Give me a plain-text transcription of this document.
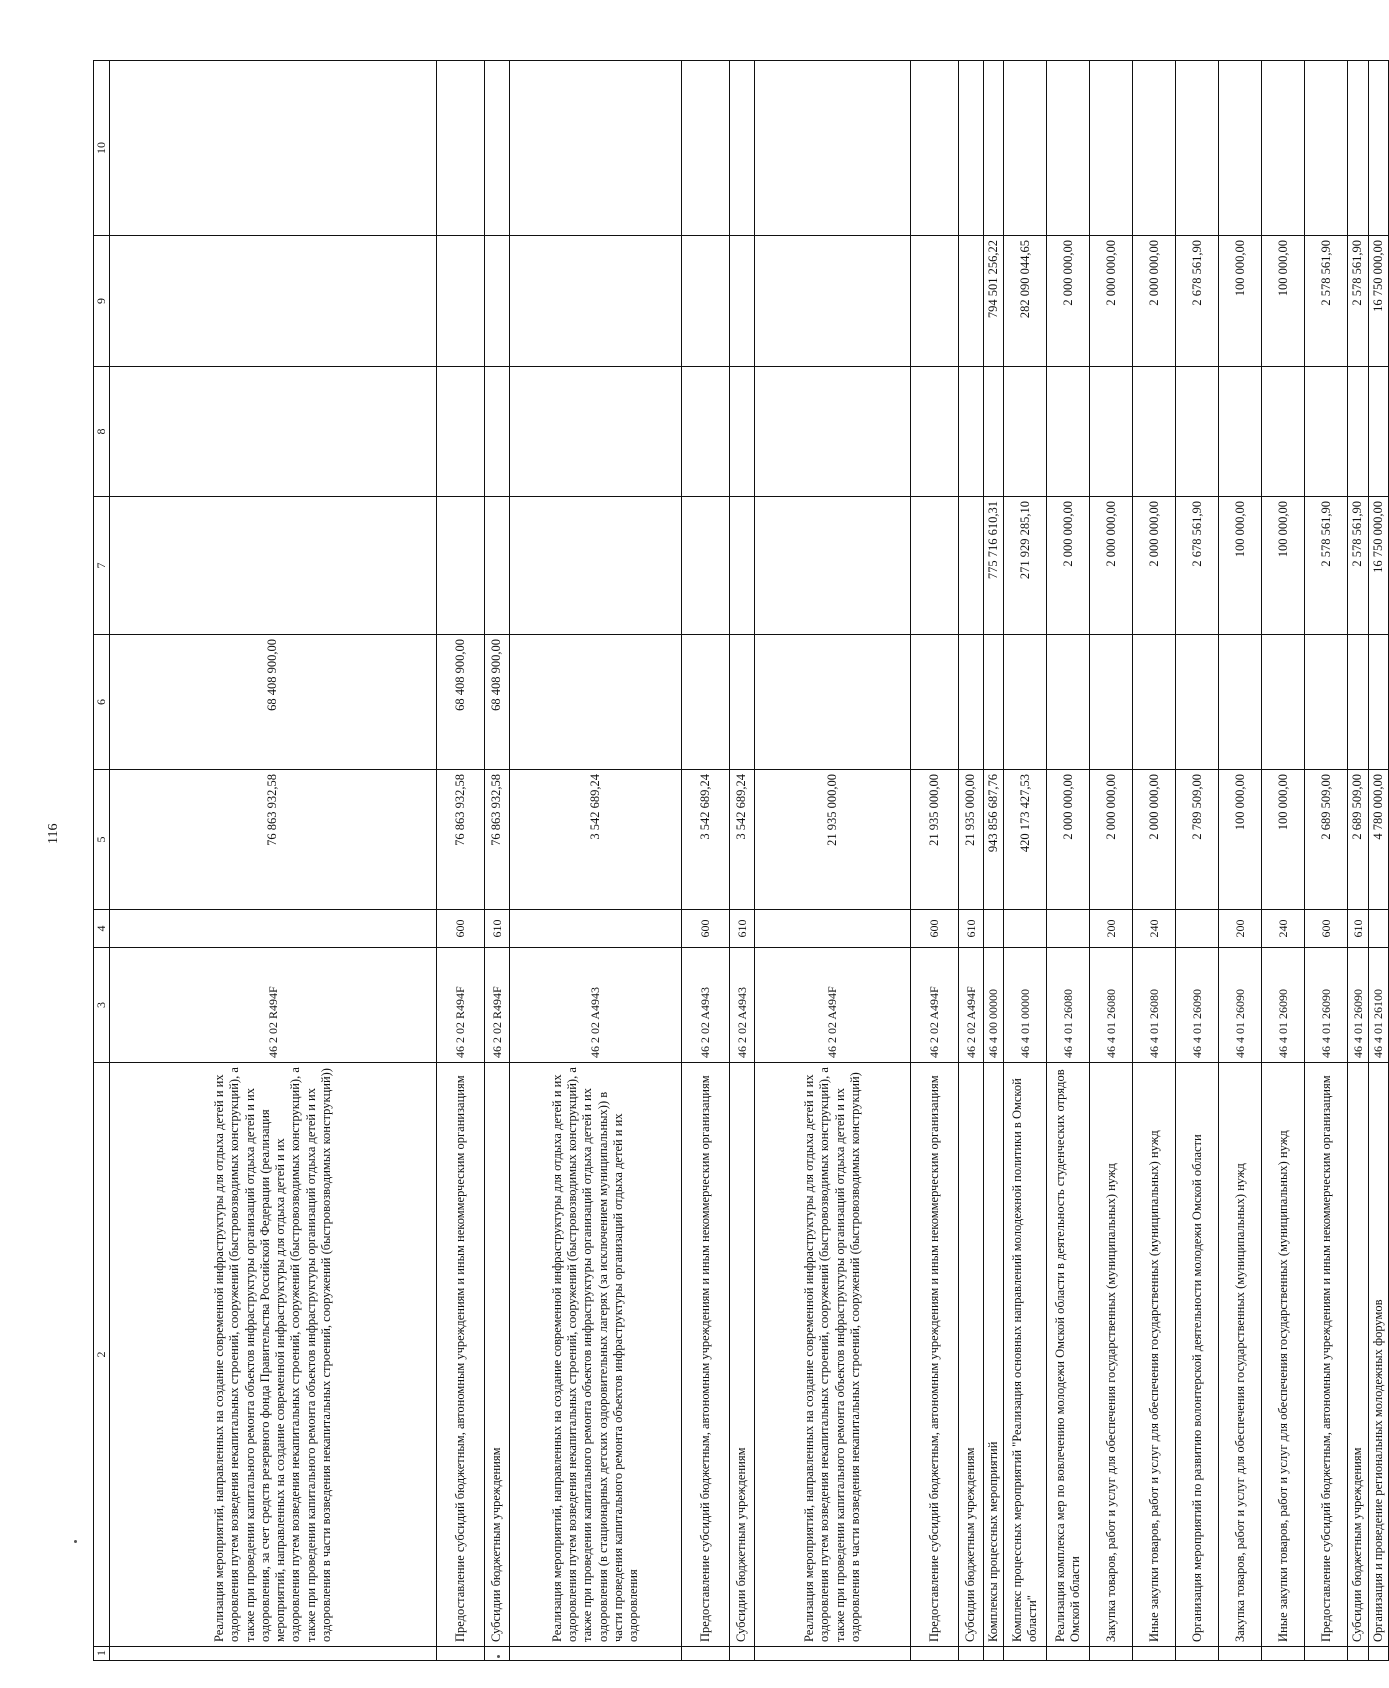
116
1	2	3	4	5	6	7	8	9	10
	Реализация мероприятий, направленных на создание современной инфраструктуры для отдыха детей и их оздоровления путем возведения некапитальных строений, сооружений (быстровозводимых конструкций), а также при проведении капитального ремонта объектов инфраструктуры организаций отдыха детей и их оздоровления, за счет средств резервного фонда Правительства Российской Федерации (реализация мероприятий, направленных на создание современной инфраструктуры для отдыха детей и их оздоровления путем возведения некапитальных строений, сооружений (быстровозводимых конструкций), а также при проведении капитального ремонта объектов инфраструктуры организаций отдыха детей и их оздоровления в части возведения некапитальных строений, сооружений (быстровозводимых конструкций))	46 2 02 R494F		76 863 932,58	68 408 900,00				
	Предоставление субсидий бюджетным, автономным учреждениям и иным некоммерческим организациям	46 2 02 R494F	600	76 863 932,58	68 408 900,00				
	Субсидии бюджетным учреждениям	46 2 02 R494F	610	76 863 932,58	68 408 900,00				
	Реализация мероприятий, направленных на создание современной инфраструктуры для отдыха детей и их оздоровления путем возведения некапитальных строений, сооружений (быстровозводимых конструкций), а также при проведении капитального ремонта объектов инфраструктуры организаций отдыха детей и их оздоровления (в стационарных детских оздоровительных лагерях (за исключением муниципальных)) в части проведения капитального ремонта объектов инфраструктуры организаций отдыха детей и их оздоровления	46 2 02 A4943		3 542 689,24					
	Предоставление субсидий бюджетным, автономным учреждениям и иным некоммерческим организациям	46 2 02 A4943	600	3 542 689,24					
	Субсидии бюджетным учреждениям	46 2 02 A4943	610	3 542 689,24					
	Реализация мероприятий, направленных на создание современной инфраструктуры для отдыха детей и их оздоровления путем возведения некапитальных строений, сооружений (быстровозводимых конструкций), а также при проведении капитального ремонта объектов инфраструктуры организаций отдыха детей и их оздоровления в части возведения некапитальных строений, сооружений (быстровозводимых конструкций)	46 2 02 A494F		21 935 000,00					
	Предоставление субсидий бюджетным, автономным учреждениям и иным некоммерческим организациям	46 2 02 A494F	600	21 935 000,00					
	Субсидии бюджетным учреждениям	46 2 02 A494F	610	21 935 000,00					
	Комплексы процессных мероприятий	46 4 00 00000		943 856 687,76		775 716 610,31		794 501 256,22	
	Комплекс процессных мероприятий "Реализация основных направлений молодежной политики в Омской области"	46 4 01 00000		420 173 427,53		271 929 285,10		282 090 044,65	
	Реализация комплекса мер по вовлечению молодежи Омской области в деятельность студенческих отрядов Омской области	46 4 01 26080		2 000 000,00		2 000 000,00		2 000 000,00	
	Закупка товаров, работ и услуг для обеспечения государственных (муниципальных) нужд	46 4 01 26080	200	2 000 000,00		2 000 000,00		2 000 000,00	
	Иные закупки товаров, работ и услуг для обеспечения государственных (муниципальных) нужд	46 4 01 26080	240	2 000 000,00		2 000 000,00		2 000 000,00	
	Организация мероприятий по развитию волонтерской деятельности молодежи Омской области	46 4 01 26090		2 789 509,00		2 678 561,90		2 678 561,90	
	Закупка товаров, работ и услуг для обеспечения государственных (муниципальных) нужд	46 4 01 26090	200	100 000,00		100 000,00		100 000,00	
	Иные закупки товаров, работ и услуг для обеспечения государственных (муниципальных) нужд	46 4 01 26090	240	100 000,00		100 000,00		100 000,00	
	Предоставление субсидий бюджетным, автономным учреждениям и иным некоммерческим организациям	46 4 01 26090	600	2 689 509,00		2 578 561,90		2 578 561,90	
	Субсидии бюджетным учреждениям	46 4 01 26090	610	2 689 509,00		2 578 561,90		2 578 561,90	
	Организация и проведение региональных молодежных форумов	46 4 01 26100		4 780 000,00		16 750 000,00		16 750 000,00	
